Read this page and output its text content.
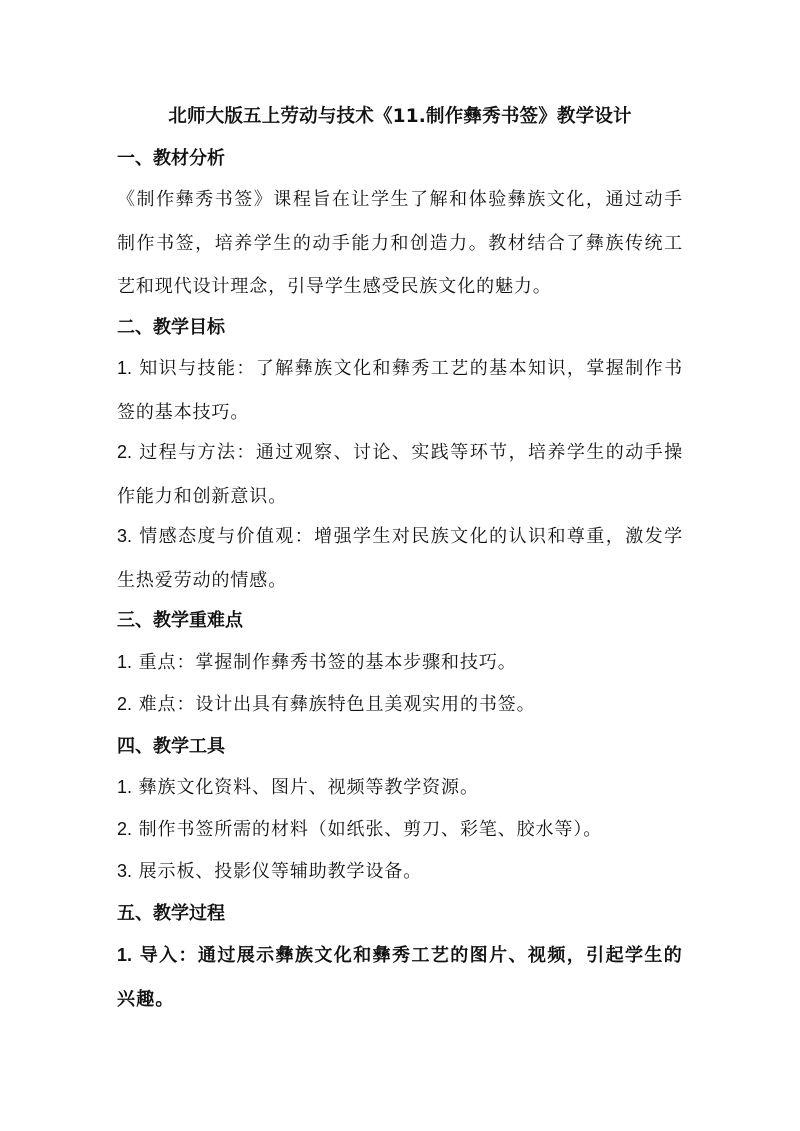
北师大版五上劳动与技术《11.制作彝秀书签》教学设计
一、教材分析
《制作彝秀书签》课程旨在让学生了解和体验彝族文化，通过动手制作书签，培养学生的动手能力和创造力。教材结合了彝族传统工艺和现代设计理念，引导学生感受民族文化的魅力。
二、教学目标
1. 知识与技能：了解彝族文化和彝秀工艺的基本知识，掌握制作书签的基本技巧。
2. 过程与方法：通过观察、讨论、实践等环节，培养学生的动手操作能力和创新意识。
3. 情感态度与价值观：增强学生对民族文化的认识和尊重，激发学生热爱劳动的情感。
三、教学重难点
1. 重点：掌握制作彝秀书签的基本步骤和技巧。
2. 难点：设计出具有彝族特色且美观实用的书签。
四、教学工具
1. 彝族文化资料、图片、视频等教学资源。
2. 制作书签所需的材料（如纸张、剪刀、彩笔、胶水等）。
3. 展示板、投影仪等辅助教学设备。
五、教学过程
1. 导入：通过展示彝族文化和彝秀工艺的图片、视频，引起学生的兴趣。
